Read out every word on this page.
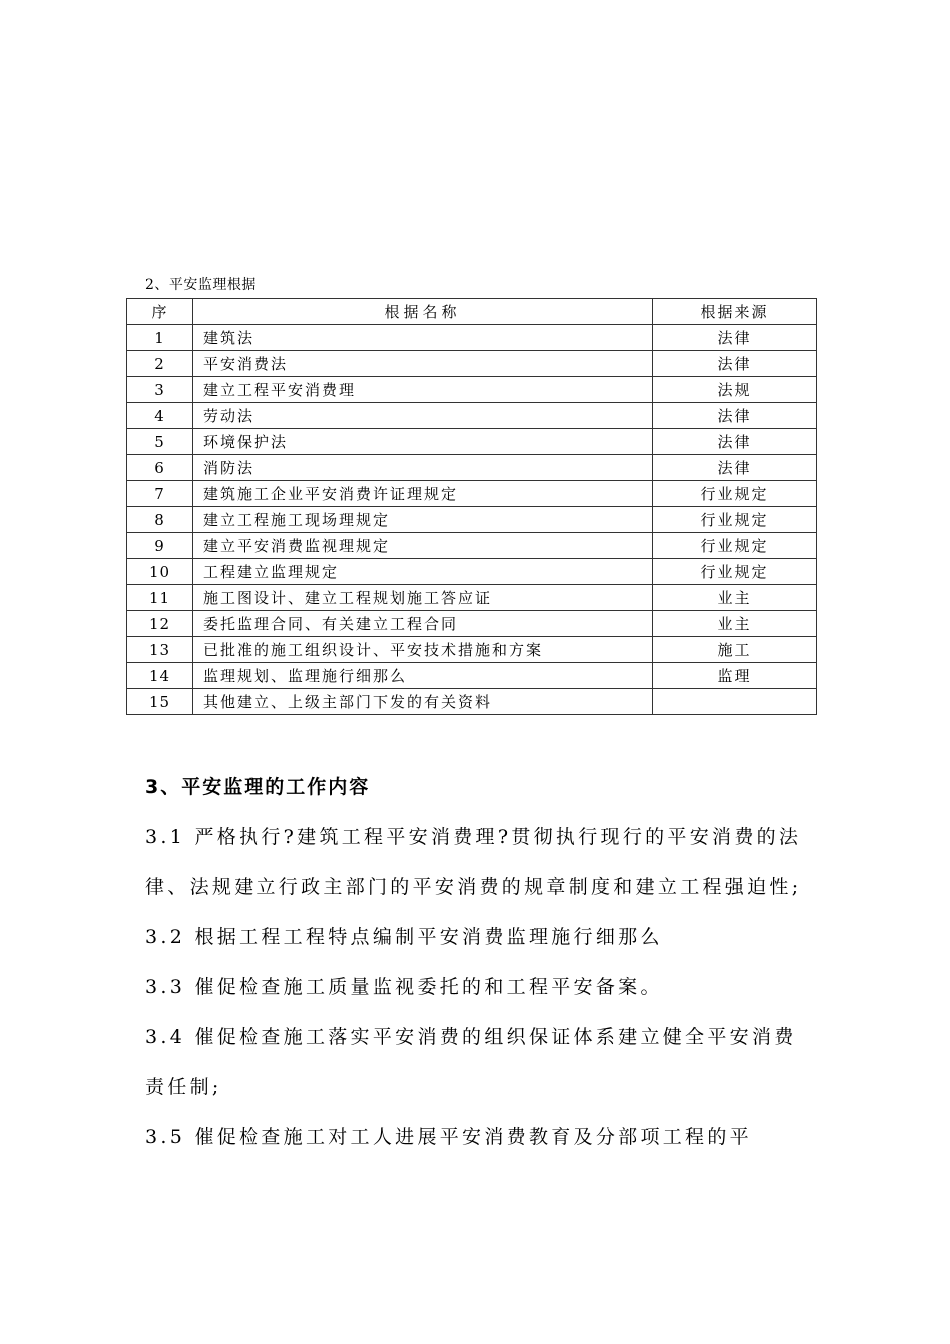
2、平安监理根据
序	根据名称	根据来源
1	建筑法	法律
2	平安消费法	法律
3	建立工程平安消费理	法规
4	劳动法	法律
5	环境保护法	法律
6	消防法	法律
7	建筑施工企业平安消费许证理规定	行业规定
8	建立工程施工现场理规定	行业规定
9	建立平安消费监视理规定	行业规定
10	工程建立监理规定	行业规定
11	施工图设计、建立工程规划施工答应证	业主
12	委托监理合同、有关建立工程合同	业主
13	已批准的施工组织设计、平安技术措施和方案	施工
14	监理规划、监理施行细那么	监理
15	其他建立、上级主部门下发的有关资料	
3、平安监理的工作内容

3.1 严格执行?建筑工程平安消费理?贯彻执行现行的平安消费的法律、法规建立行政主部门的平安消费的规章制度和建立工程强迫性;

3.2 根据工程工程特点编制平安消费监理施行细那么

3.3 催促检查施工质量监视委托的和工程平安备案。

3.4 催促检查施工落实平安消费的组织保证体系建立健全平安消费责任制;

3.5 催促检查施工对工人进展平安消费教育及分部项工程的平
